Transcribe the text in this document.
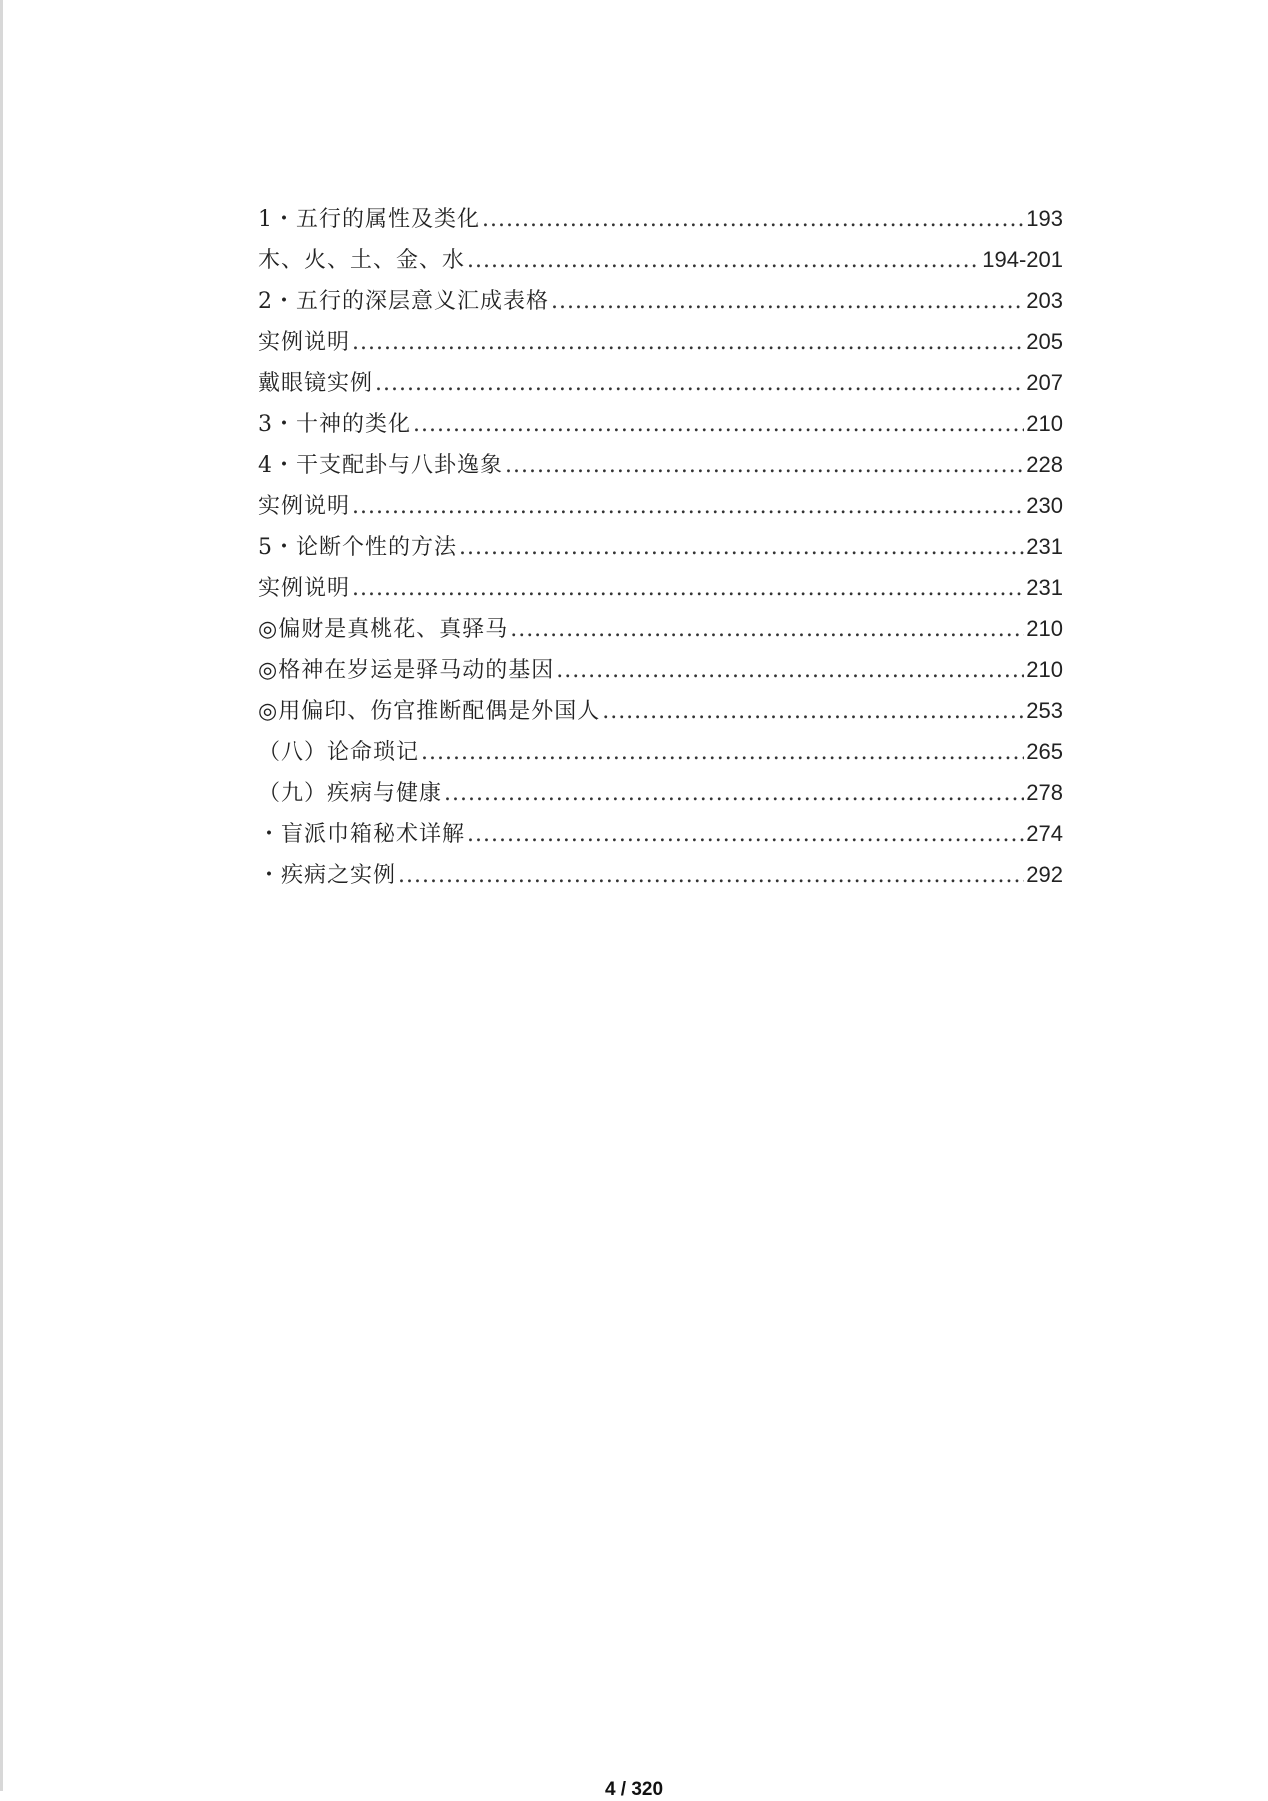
1・五行的属性及类化 .....	193
木、火、土、金、水 .....	194-201
2・五行的深层意义汇成表格 .....	203
实例说明 .....	205
戴眼镜实例 .....	207
3・十神的类化 .....	210
4・干支配卦与八卦逸象 .....	228
实例说明 .....	230
5・论断个性的方法 .....	231
实例说明 .....	231
◎偏财是真桃花、真驿马 .....	210
◎格神在岁运是驿马动的基因 .....	210
◎用偏印、伤官推断配偶是外国人 .....	253
（八）论命琐记 .....	265
（九）疾病与健康 .....	278
・盲派巾箱秘术详解 .....	274
・疾病之实例 .....	292
4 / 320
